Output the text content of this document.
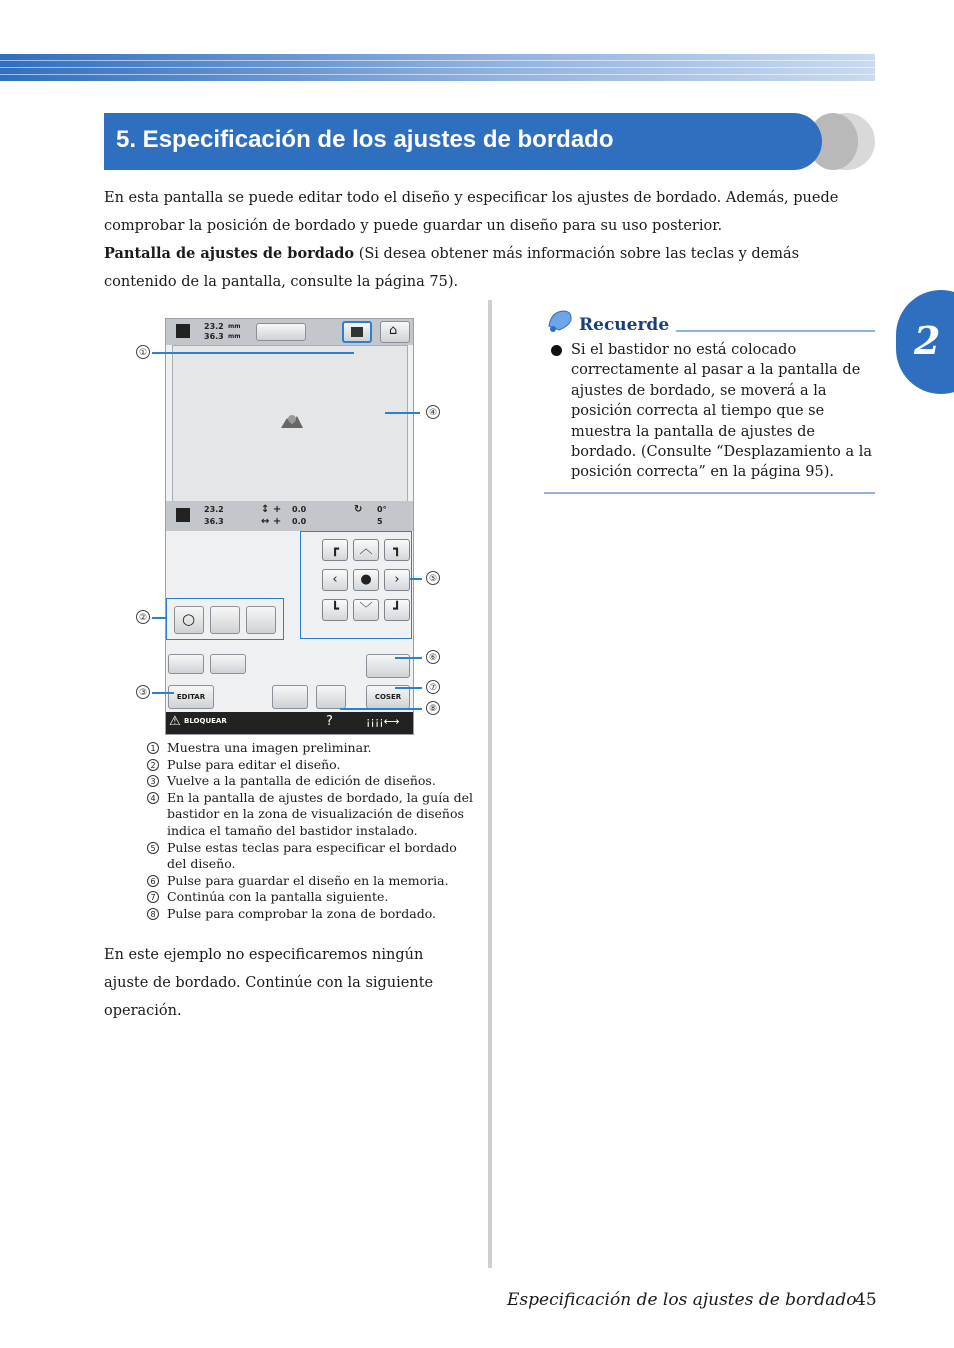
5. Especificación de los ajustes de bordado
2
En esta pantalla se puede editar todo el diseño y especificar los ajustes de bordado. Además, puede comprobar la posición de bordado y puede guardar un diseño para su uso posterior.
Pantalla de ajustes de bordado (Si desea obtener más información sobre las teclas y demás contenido de la pantalla, consulte la página 75).
23.2
36.3
mm
mm	⌂
23.2
36.3
↕ +
↔ +
0.0
0.0
↻ 0°
5
┏	︿	┓
‹	●	›
┗	﹀	┛
○
EDITAR	COSER
⚠ BLOQUEAR	?	¡¡¡¡⟷
①
②
③
④
⑤
⑥
⑦
⑧
1 Muestra una imagen preliminar.
2 Pulse para editar el diseño.
3 Vuelve a la pantalla de edición de diseños.
4 En la pantalla de ajustes de bordado, la guía del bastidor en la zona de visualización de diseños indica el tamaño del bastidor instalado.
5 Pulse estas teclas para especificar el bordado del diseño.
6 Pulse para guardar el diseño en la memoria.
7 Continúa con la pantalla siguiente.
8 Pulse para comprobar la zona de bordado.
En este ejemplo no especificaremos ningún ajuste de bordado. Continúe con la siguiente operación.
Recuerde
Si el bastidor no está colocado correctamente al pasar a la pantalla de ajustes de bordado, se moverá a la posición correcta al tiempo que se muestra la pantalla de ajustes de bordado. (Consulte “Desplazamiento a la posición correcta” en la página 95).
Especificación de los ajustes de bordado
45
